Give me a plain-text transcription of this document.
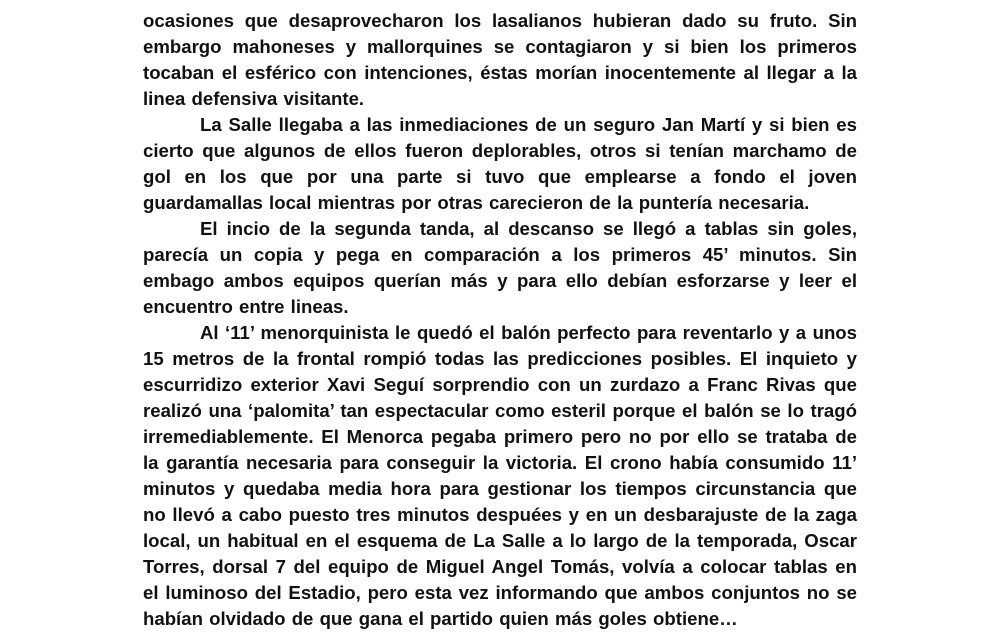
ocasiones que desaprovecharon los lasalianos hubieran dado su fruto. Sin embargo mahoneses y mallorquines se contagiaron y si bien los primeros tocaban el esférico con intenciones, éstas morían inocentemente al llegar a la linea defensiva visitante.

La Salle llegaba a las inmediaciones de un seguro Jan Martí y si bien es cierto que algunos de ellos fueron deplorables, otros si tenían marchamo de gol en los que por una parte si tuvo que emplearse a fondo el joven guardamallas local mientras por otras carecieron de la puntería necesaria.

El incio de la segunda tanda, al descanso se llegó a tablas sin goles, parecía un copia y pega en comparación a los primeros 45’ minutos. Sin embago ambos equipos querían más y para ello debían esforzarse y leer el encuentro entre lineas.

Al ‘11’ menorquinista le quedó el balón perfecto para reventarlo y a unos 15 metros de la frontal rompió todas las predicciones posibles. El inquieto y escurridizo exterior Xavi Seguí sorprendio con un zurdazo a Franc Rivas que realizó una ‘palomita’ tan espectacular como esteril porque el balón se lo tragó irremediablemente. El Menorca pegaba primero pero no por ello se trataba de la garantía necesaria para conseguir la victoria. El crono había consumido 11’ minutos y quedaba media hora para gestionar los tiempos circunstancia que no llevó a cabo puesto tres minutos despuées y en un desbarajuste de la zaga local, un habitual en el esquema de La Salle a lo largo de la temporada, Oscar Torres, dorsal 7 del equipo de Miguel Angel Tomás, volvía a colocar tablas en el luminoso del Estadio, pero esta vez informando que ambos conjuntos no se habían olvidado de que gana el partido quien más goles obtiene…
